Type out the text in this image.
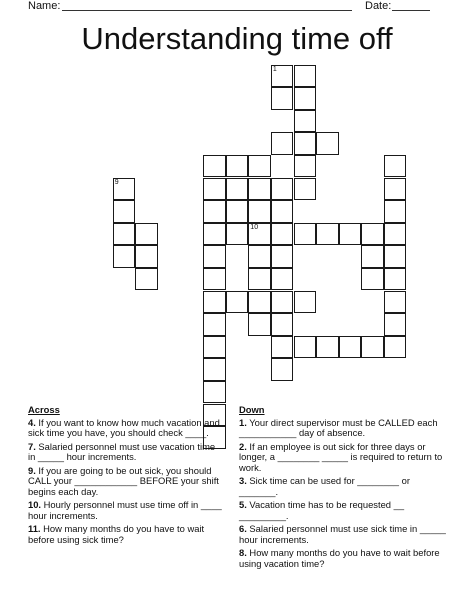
Name:	Date:
Understanding time off
1
9
10
Across
4. If you want to know how much vacation and sick time you have, you should check ____.
7. Salaried personnel must use vacation time in _____ hour increments.
9. If you are going to be out sick, you should CALL your ____________ BEFORE your shift begins each day.
10. Hourly personnel must use time off in ____ hour increments.
11. How many months do you have to wait before using sick time?
Down
1. Your direct supervisor must be CALLED each ___________ day of absence.
2. If an employee is out sick for three days or longer, a ________ _____ is required to return to work.
3. Sick time can be used for ________ or _______.
5. Vacation time has to be requested __ _________.
6. Salaried personnel must use sick time in _____ hour increments.
8. How many months do you have to wait before using vacation time?
